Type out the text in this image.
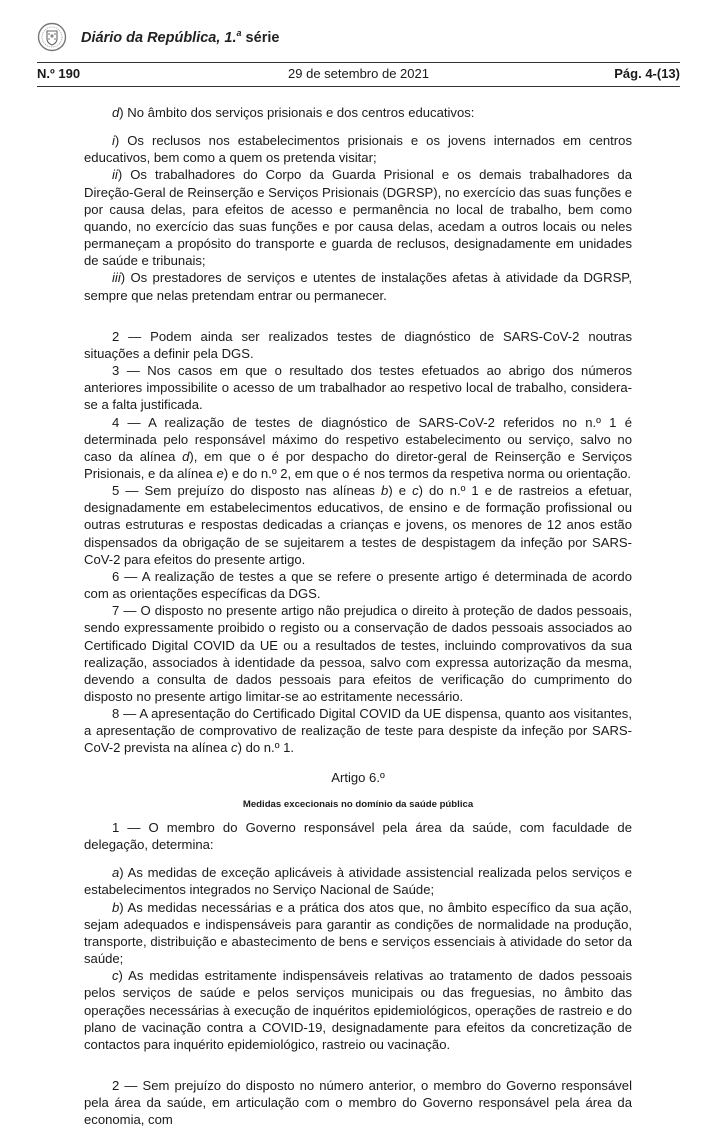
Diário da República, 1.$^a$ série
N.º 190	29 de setembro de 2021	Pág. 4-(13)

d) No âmbito dos serviços prisionais e dos centros educativos:

i) Os reclusos nos estabelecimentos prisionais e os jovens internados em centros educativos, bem como a quem os pretenda visitar;

ii) Os trabalhadores do Corpo da Guarda Prisional e os demais trabalhadores da Direção-Geral de Reinserção e Serviços Prisionais (DGRSP), no exercício das suas funções e por causa delas, para efeitos de acesso e permanência no local de trabalho, bem como quando, no exercício das suas funções e por causa delas, acedam a outros locais ou neles permaneçam a propósito do transporte e guarda de reclusos, designadamente em unidades de saúde e tribunais;

iii) Os prestadores de serviços e utentes de instalações afetas à atividade da DGRSP, sempre que nelas pretendam entrar ou permanecer.

2 — Podem ainda ser realizados testes de diagnóstico de SARS-CoV-2 noutras situações a definir pela DGS.

3 — Nos casos em que o resultado dos testes efetuados ao abrigo dos números anteriores impossibilite o acesso de um trabalhador ao respetivo local de trabalho, considera-se a falta justificada.

4 — A realização de testes de diagnóstico de SARS-CoV-2 referidos no n.º 1 é determinada pelo responsável máximo do respetivo estabelecimento ou serviço, salvo no caso da alínea d), em que o é por despacho do diretor-geral de Reinserção e Serviços Prisionais, e da alínea e) e do n.º 2, em que o é nos termos da respetiva norma ou orientação.

5 — Sem prejuízo do disposto nas alíneas b) e c) do n.º 1 e de rastreios a efetuar, designadamente em estabelecimentos educativos, de ensino e de formação profissional ou outras estruturas e respostas dedicadas a crianças e jovens, os menores de 12 anos estão dispensados da obrigação de se sujeitarem a testes de despistagem da infeção por SARS-CoV-2 para efeitos do presente artigo.

6 — A realização de testes a que se refere o presente artigo é determinada de acordo com as orientações específicas da DGS.

7 — O disposto no presente artigo não prejudica o direito à proteção de dados pessoais, sendo expressamente proibido o registo ou a conservação de dados pessoais associados ao Certificado Digital COVID da UE ou a resultados de testes, incluindo comprovativos da sua realização, associados à identidade da pessoa, salvo com expressa autorização da mesma, devendo a consulta de dados pessoais para efeitos de verificação do cumprimento do disposto no presente artigo limitar-se ao estritamente necessário.

8 — A apresentação do Certificado Digital COVID da UE dispensa, quanto aos visitantes, a apresentação de comprovativo de realização de teste para despiste da infeção por SARS-CoV-2 prevista na alínea c) do n.º 1.

Artigo 6.º

Medidas excecionais no domínio da saúde pública

1 — O membro do Governo responsável pela área da saúde, com faculdade de delegação, determina:

a) As medidas de exceção aplicáveis à atividade assistencial realizada pelos serviços e estabelecimentos integrados no Serviço Nacional de Saúde;

b) As medidas necessárias e a prática dos atos que, no âmbito específico da sua ação, sejam adequados e indispensáveis para garantir as condições de normalidade na produção, transporte, distribuição e abastecimento de bens e serviços essenciais à atividade do setor da saúde;

c) As medidas estritamente indispensáveis relativas ao tratamento de dados pessoais pelos serviços de saúde e pelos serviços municipais ou das freguesias, no âmbito das operações necessárias à execução de inquéritos epidemiológicos, operações de rastreio e do plano de vacinação contra a COVID-19, designadamente para efeitos da concretização de contactos para inquérito epidemiológico, rastreio ou vacinação.

2 — Sem prejuízo do disposto no número anterior, o membro do Governo responsável pela área da saúde, em articulação com o membro do Governo responsável pela área da economia, com
